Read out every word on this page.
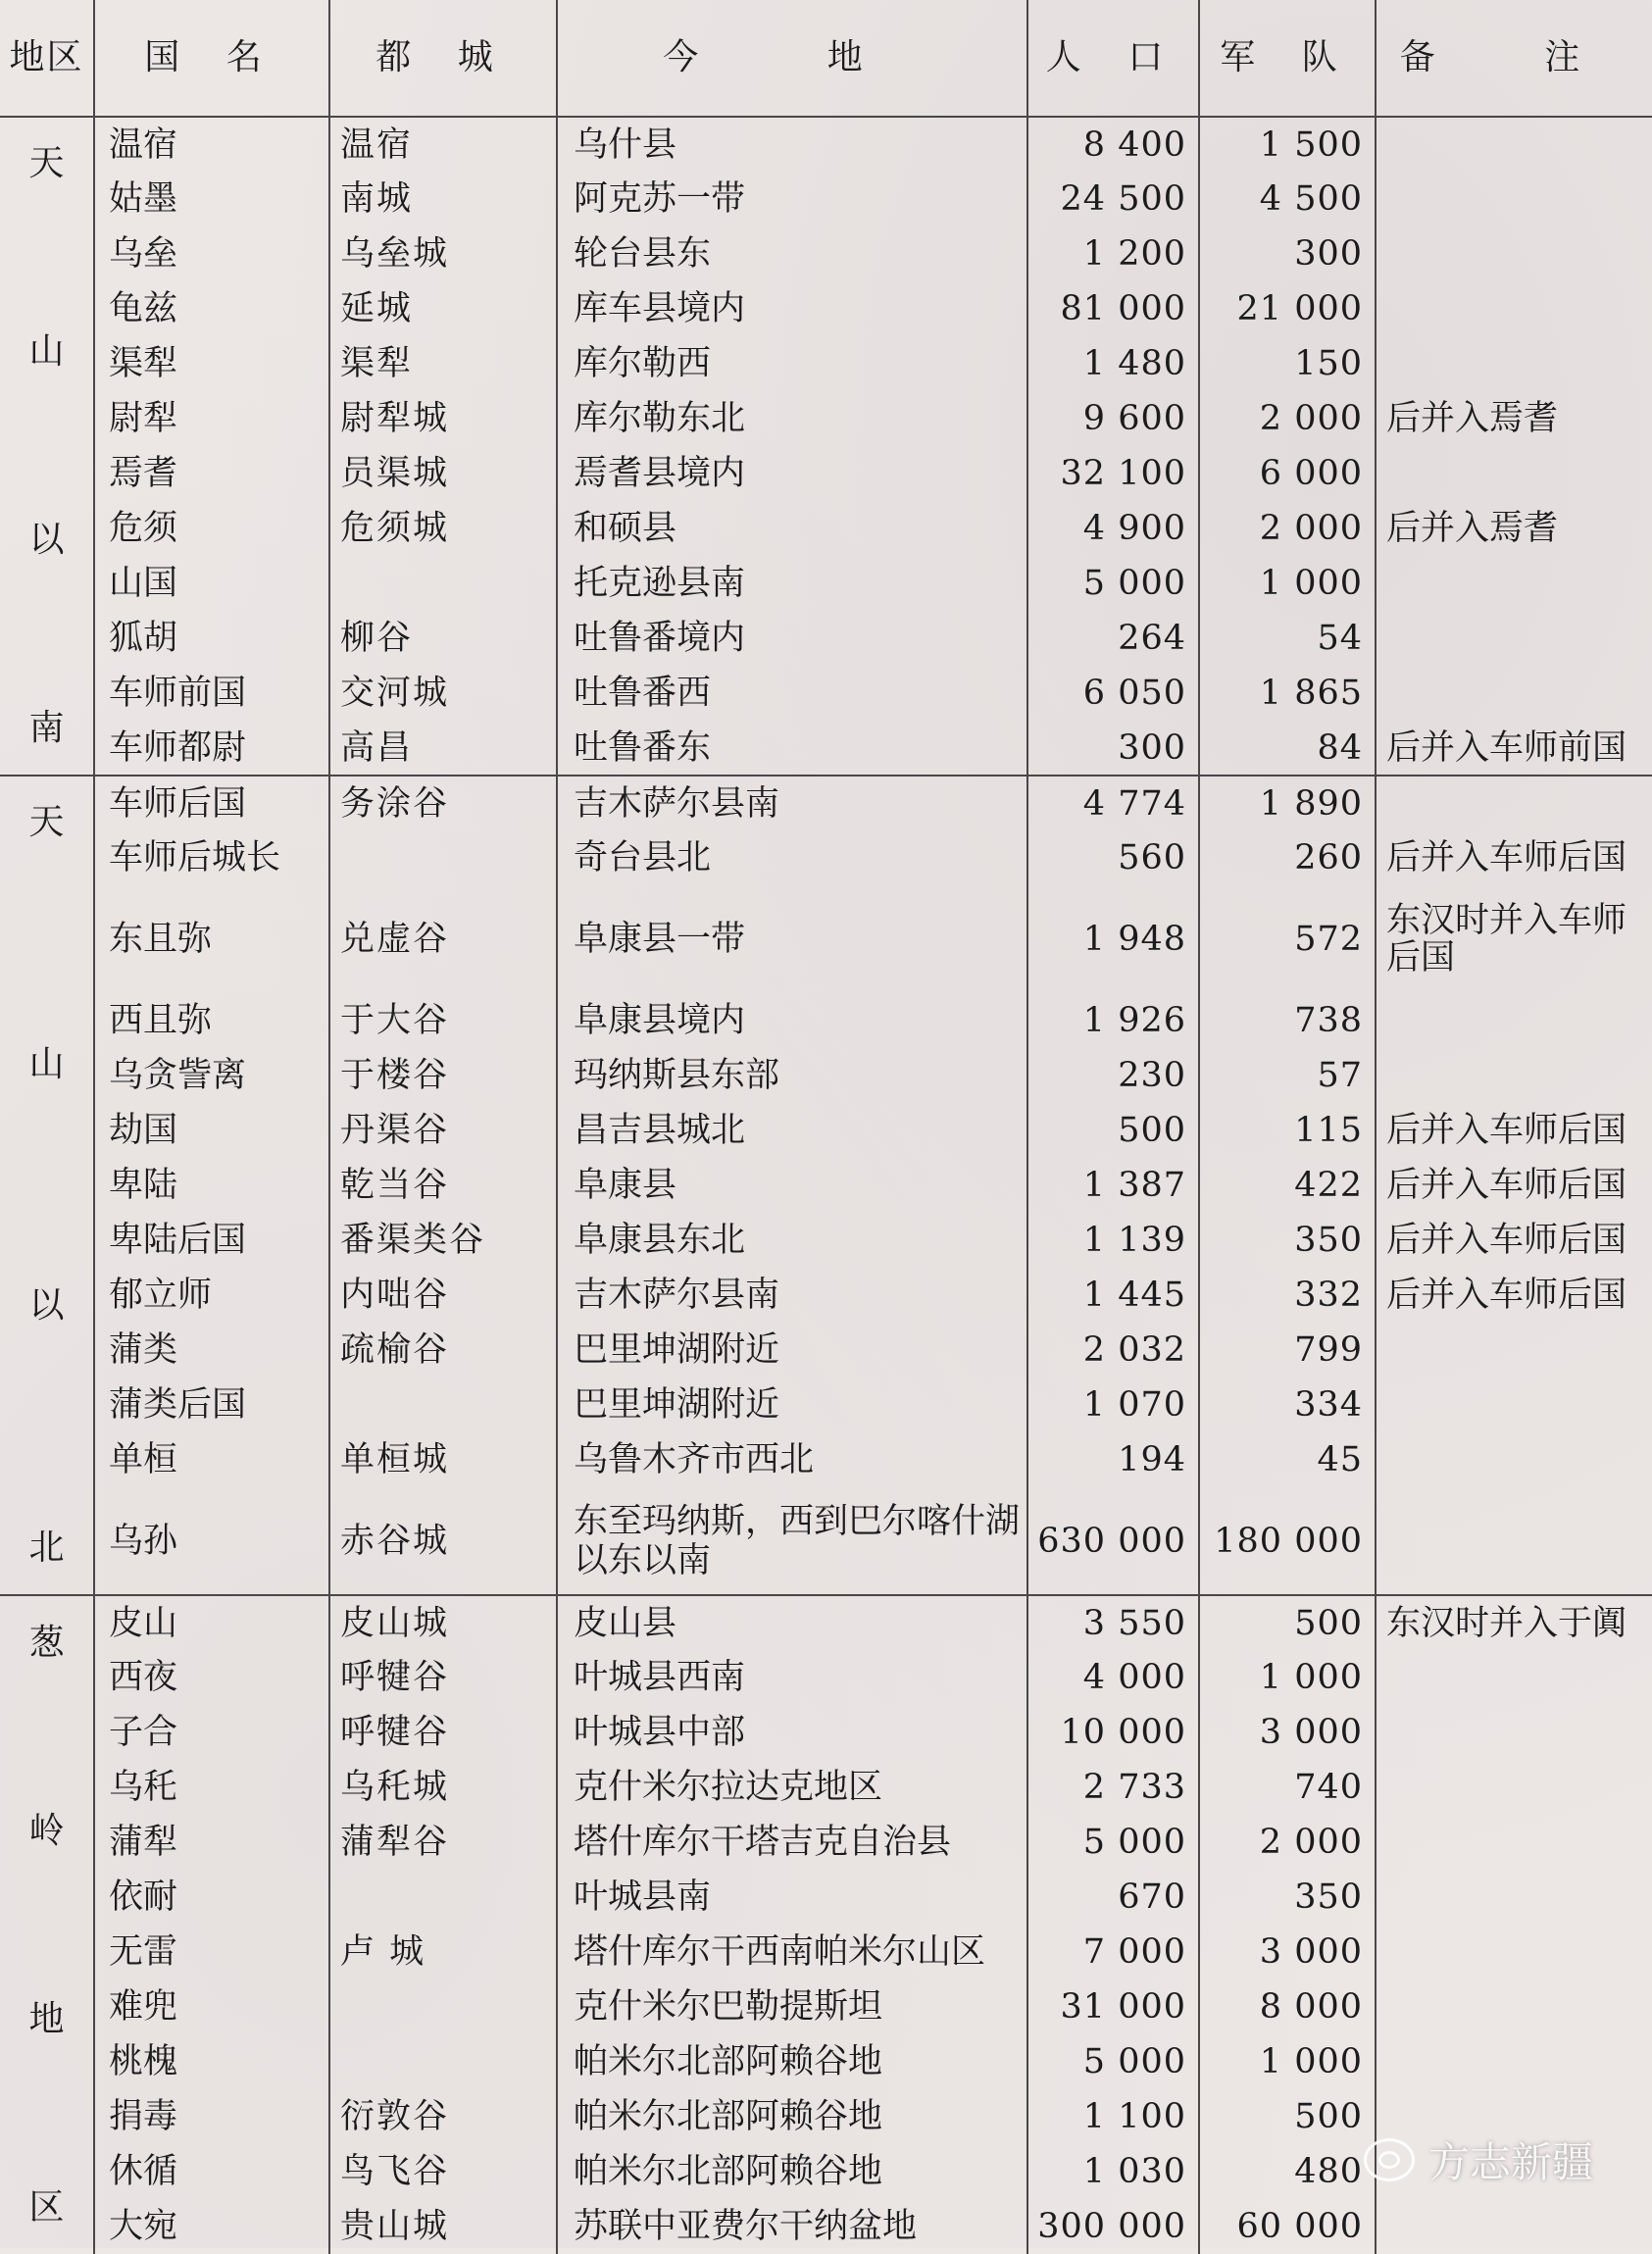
地区	国 名	都 城	今 地	人 口	军 队	备 注

天
山
以
南	温宿	温宿	乌什县	8 400	1 500	
	姑墨	南城	阿克苏一带	24 500	4 500	
	乌垒	乌垒城	轮台县东	1 200	300	
	龟兹	延城	库车县境内	81 000	21 000	
	渠犁	渠犁	库尔勒西	1 480	150	
	尉犁	尉犁城	库尔勒东北	9 600	2 000	后并入焉耆
	焉耆	员渠城	焉耆县境内	32 100	6 000	
	危须	危须城	和硕县	4 900	2 000	后并入焉耆
	山国		托克逊县南	5 000	1 000	
	狐胡	柳谷	吐鲁番境内	264	54	
	车师前国	交河城	吐鲁番西	6 050	1 865	
	车师都尉	高昌	吐鲁番东	300	84	后并入车师前国

天
山
以
北	车师后国	务涂谷	吉木萨尔县南	4 774	1 890	
	车师后城长		奇台县北	560	260	后并入车师后国
	东且弥	兑虚谷	阜康县一带	1 948	572	东汉时并入车师后国
	西且弥	于大谷	阜康县境内	1 926	738	
	乌贪訾离	于楼谷	玛纳斯县东部	230	57	
	劫国	丹渠谷	昌吉县城北	500	115	后并入车师后国
	卑陆	乾当谷	阜康县	1 387	422	后并入车师后国
	卑陆后国	番渠类谷	阜康县东北	1 139	350	后并入车师后国
	郁立师	内咄谷	吉木萨尔县南	1 445	332	后并入车师后国
	蒲类	疏榆谷	巴里坤湖附近	2 032	799	
	蒲类后国		巴里坤湖附近	1 070	334	
	单桓	单桓城	乌鲁木齐市西北	194	45	
	乌孙	赤谷城	东至玛纳斯，西到巴尔喀什湖以东以南	630 000	180 000	

葱
岭
地
区	皮山	皮山城	皮山县	3 550	500	东汉时并入于阗
	西夜	呼犍谷	叶城县西南	4 000	1 000	
	子合	呼犍谷	叶城县中部	10 000	3 000	
	乌秅	乌秅城	克什米尔拉达克地区	2 733	740	
	蒲犁	蒲犁谷	塔什库尔干塔吉克自治县	5 000	2 000	
	依耐		叶城县南	670	350	
	无雷	卢 城	塔什库尔干西南帕米尔山区	7 000	3 000	
	难兜		克什米尔巴勒提斯坦	31 000	8 000	
	桃槐		帕米尔北部阿赖谷地	5 000	1 000	
	捐毒	衍敦谷	帕米尔北部阿赖谷地	1 100	500	
	休循	鸟飞谷	帕米尔北部阿赖谷地	1 030	480	
	大宛	贵山城	苏联中亚费尔干纳盆地	300 000	60 000	
方志新疆
